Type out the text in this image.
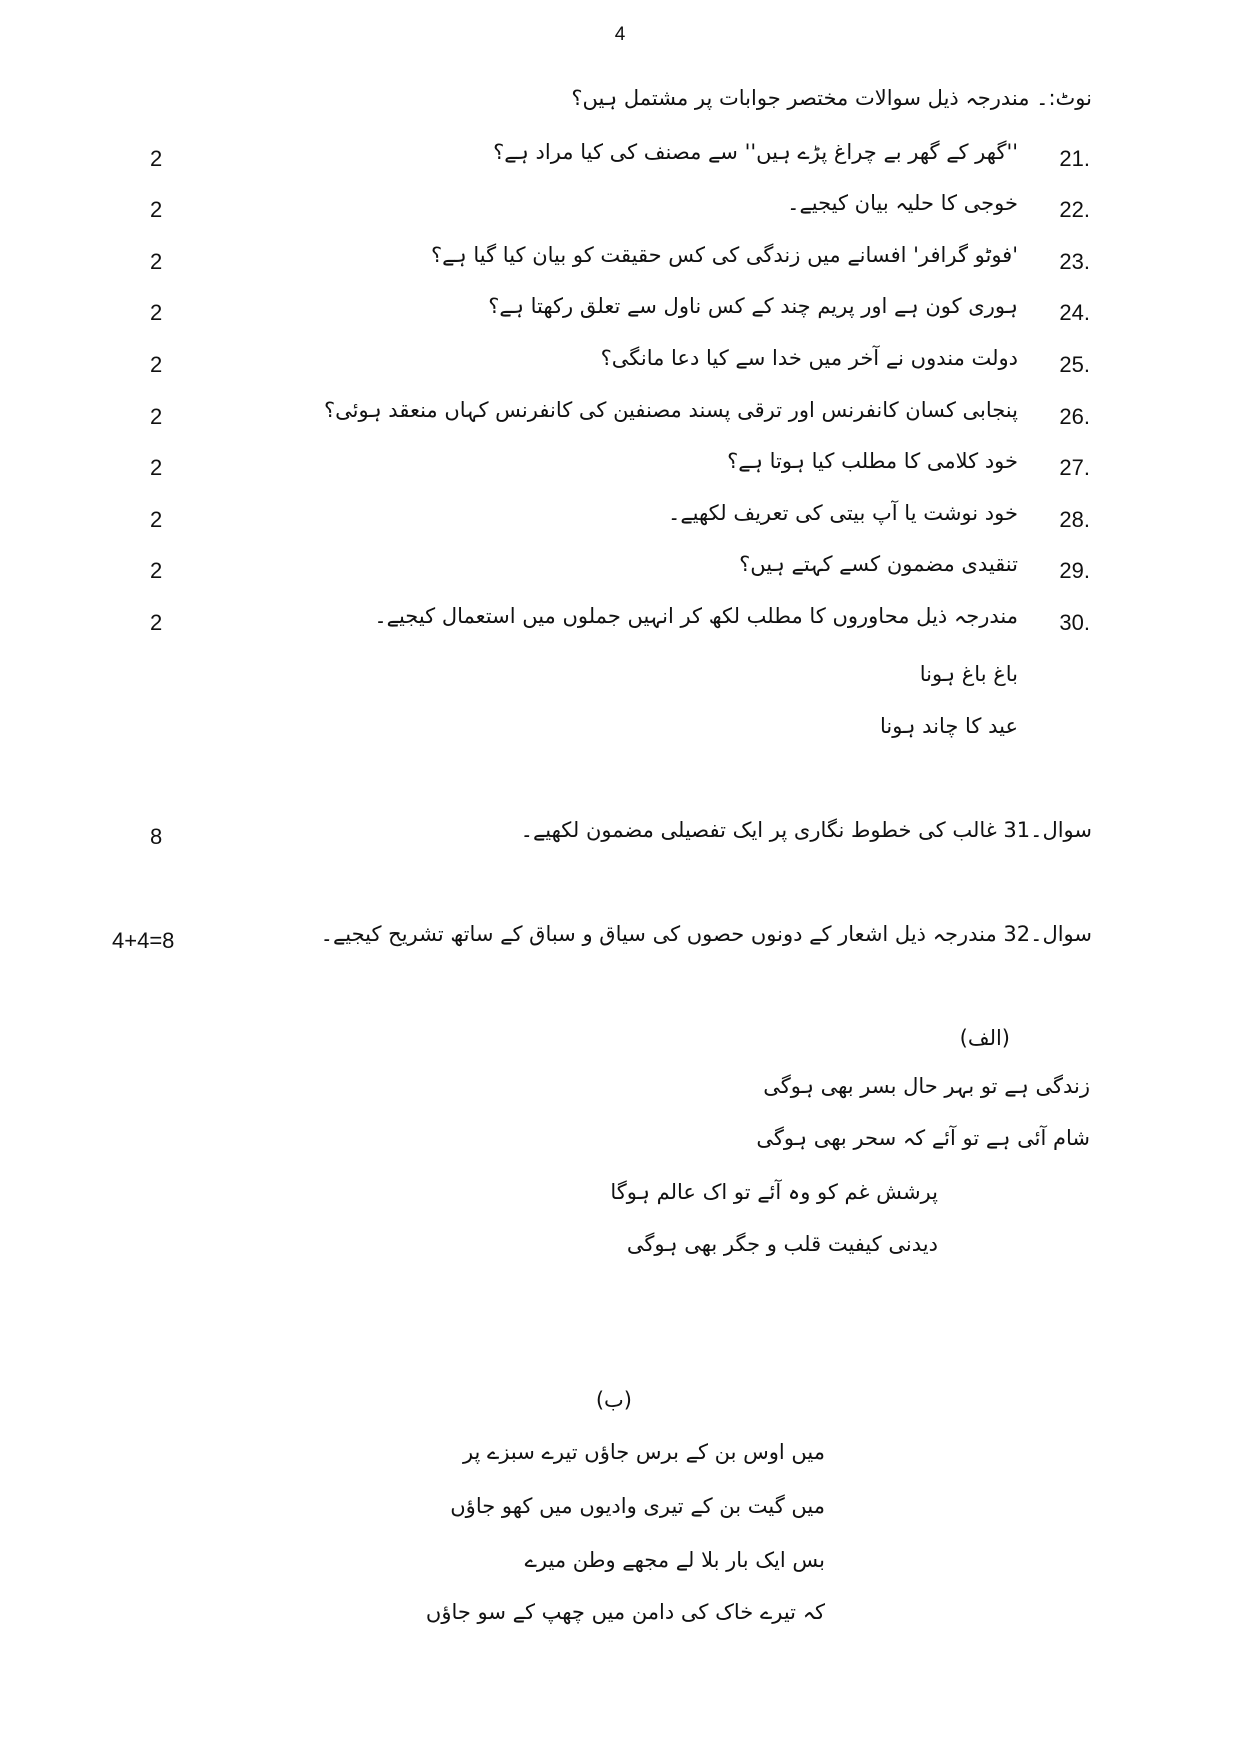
4
نوٹ:۔ مندرجہ ذیل سوالات مختصر جوابات پر مشتمل ہیں؟
21.
''گھر کے گھر بے چراغ پڑے ہیں'' سے مصنف کی کیا مراد ہے؟
2
22.
خوجی کا حلیہ بیان کیجیے۔
2
23.
'فوٹو گرافر' افسانے میں زندگی کی کس حقیقت کو بیان کیا گیا ہے؟
2
24.
ہوری کون ہے اور پریم چند کے کس ناول سے تعلق رکھتا ہے؟
2
25.
دولت مندوں نے آخر میں خدا سے کیا دعا مانگی؟
2
26.
پنجابی کسان کانفرنس اور ترقی پسند مصنفین کی کانفرنس کہاں منعقد ہوئی؟
2
27.
خود کلامی کا مطلب کیا ہوتا ہے؟
2
28.
خود نوشت یا آپ بیتی کی تعریف لکھیے۔
2
29.
تنقیدی مضمون کسے کہتے ہیں؟
2
30.
مندرجہ ذیل محاوروں کا مطلب لکھ کر انہیں جملوں میں استعمال کیجیے۔
2
باغ باغ ہونا
عید کا چاند ہونا
سوال۔31 غالب کی خطوط نگاری پر ایک تفصیلی مضمون لکھیے۔
8
سوال۔32 مندرجہ ذیل اشعار کے دونوں حصوں کی سیاق و سباق کے ساتھ تشریح کیجیے۔
4+4=8
(الف)
زندگی ہے تو بہر حال بسر بھی ہوگی
شام آئی ہے تو آئے کہ سحر بھی ہوگی
پرشش غم کو وہ آئے تو اک عالم ہوگا
دیدنی کیفیت قلب و جگر بھی ہوگی
(ب)
میں اوس بن کے برس جاؤں تیرے سبزے پر
میں گیت بن کے تیری وادیوں میں کھو جاؤں
بس ایک بار بلا لے مجھے وطن میرے
کہ تیرے خاک کی دامن میں چھپ کے سو جاؤں
